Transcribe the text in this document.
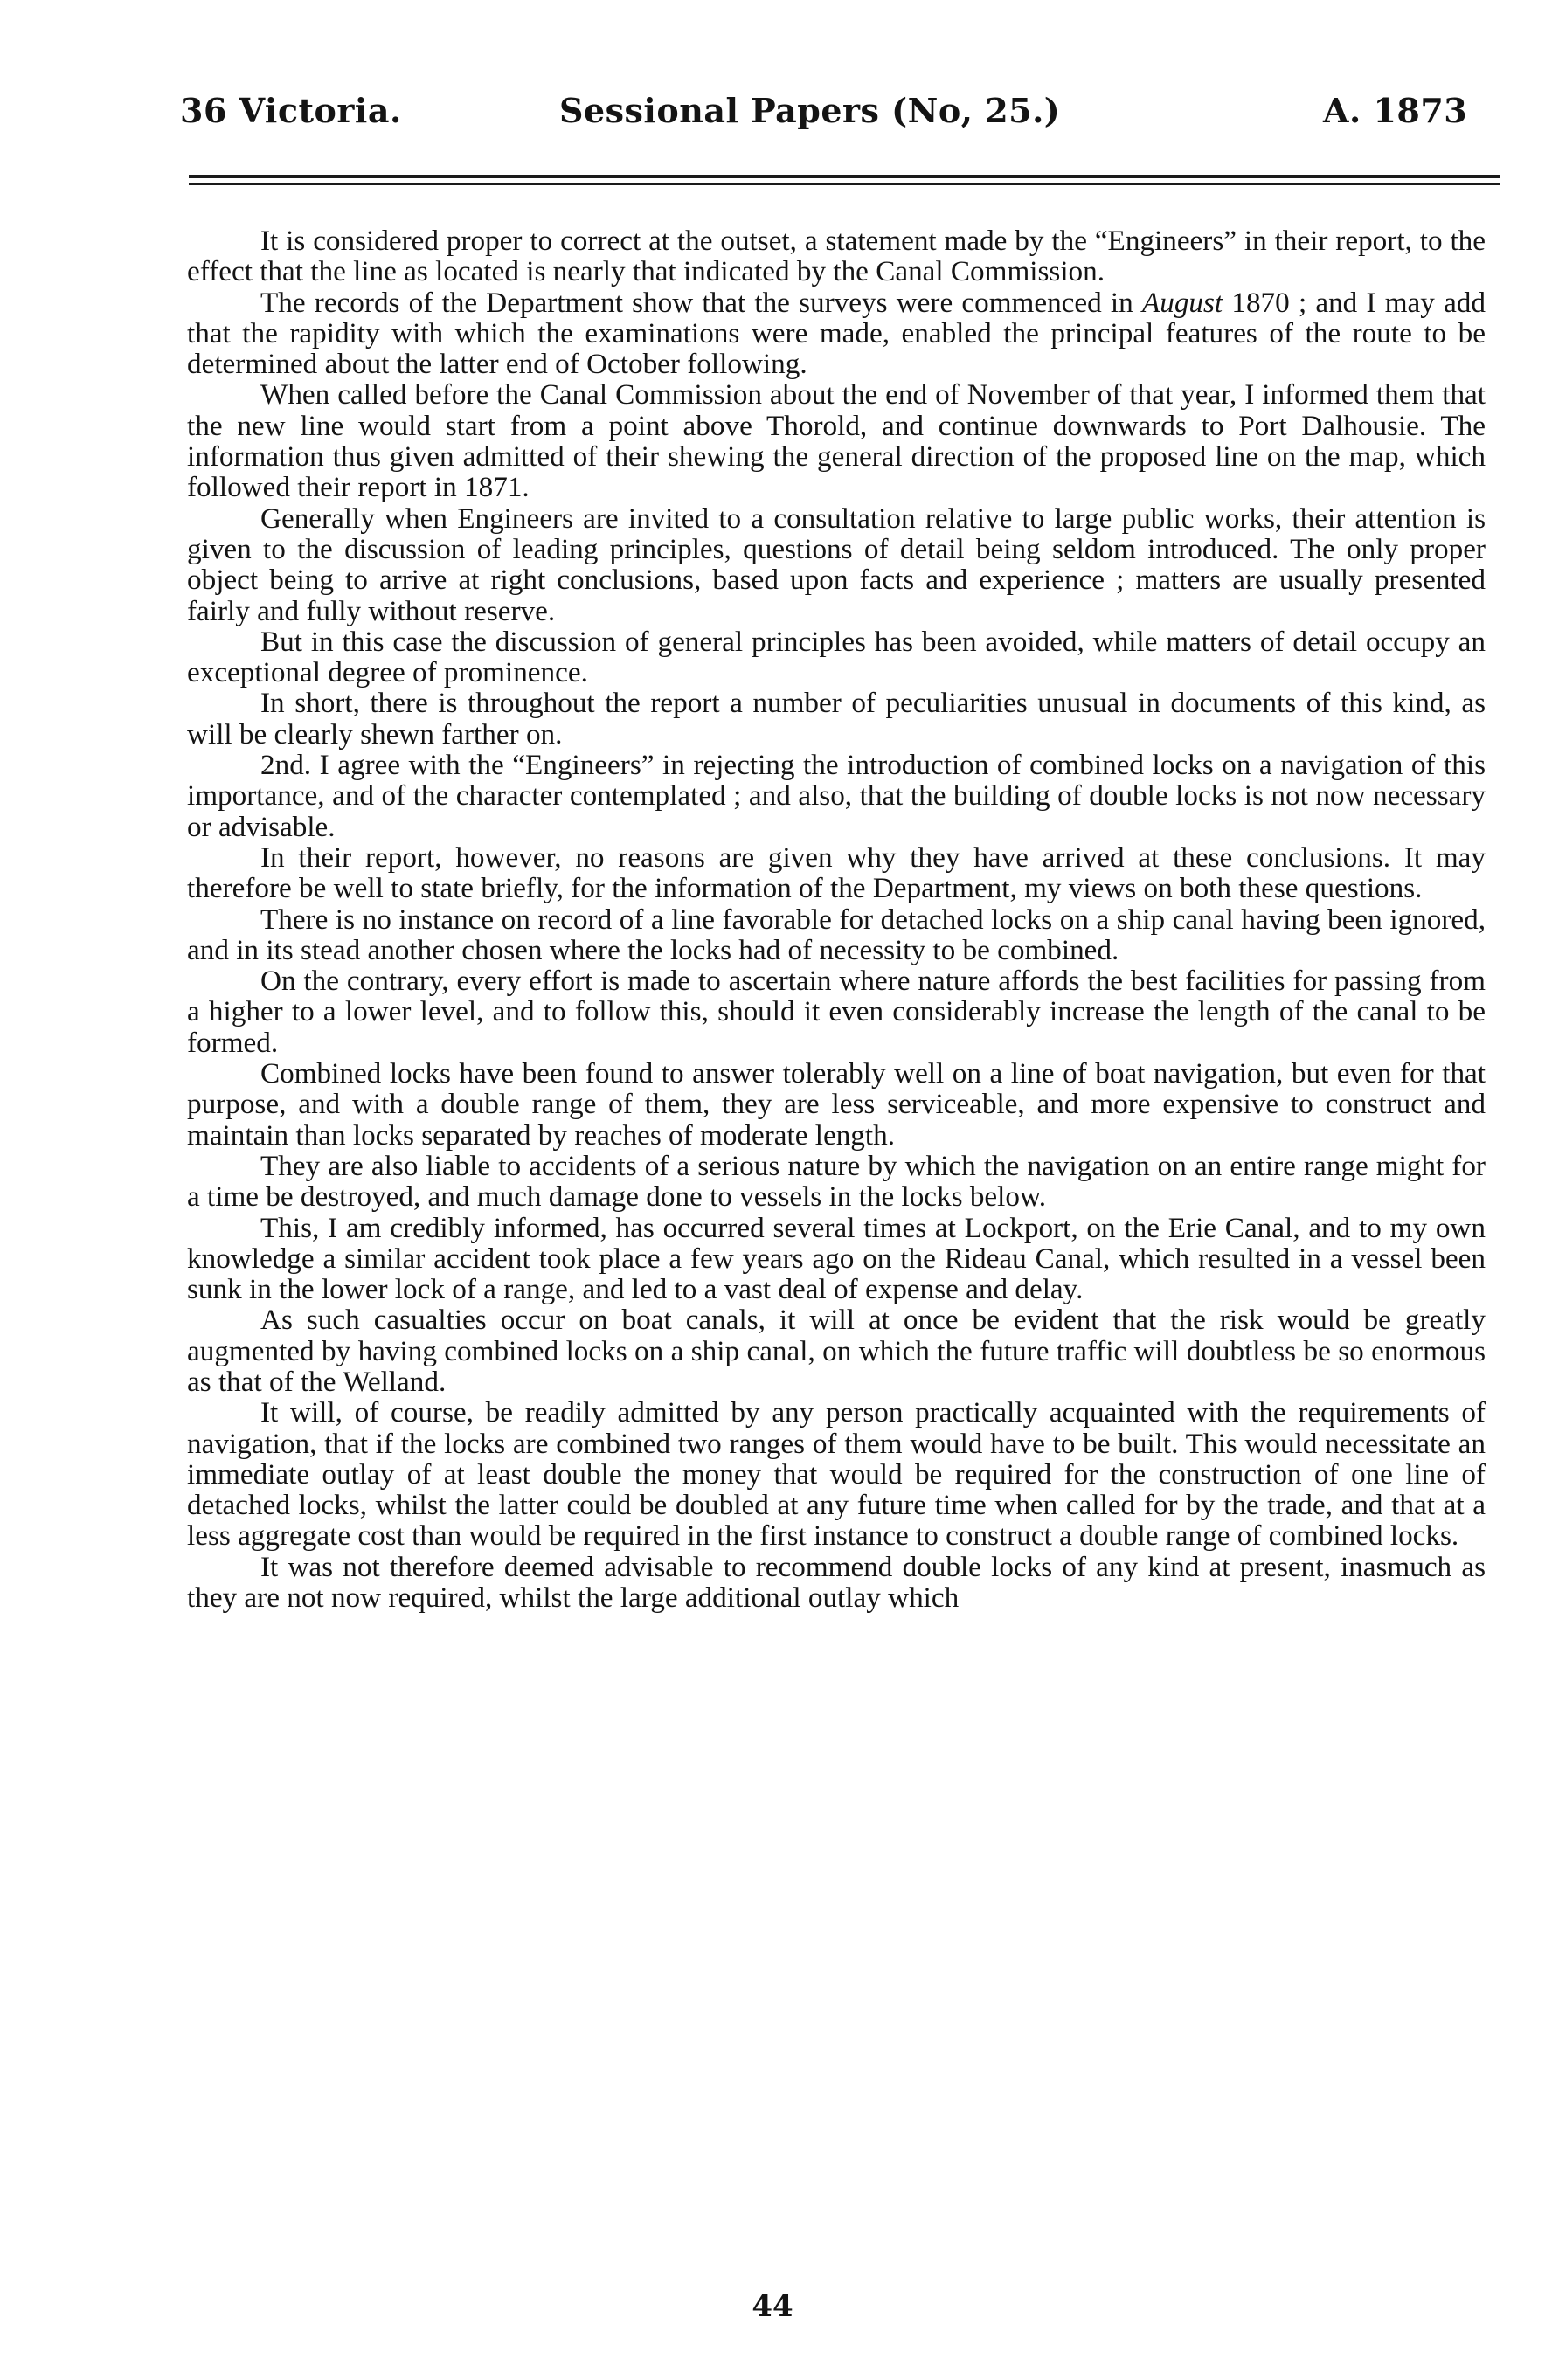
36 Victoria.	Sessional Papers (No, 25.)	A. 1873

It is considered proper to correct at the outset, a statement made by the “Engineers” in their report, to the effect that the line as located is nearly that indicated by the Canal Commission.

The records of the Department show that the surveys were commenced in August 1870 ; and I may add that the rapidity with which the examinations were made, enabled the principal features of the route to be determined about the latter end of October following.

When called before the Canal Commission about the end of November of that year, I informed them that the new line would start from a point above Thorold, and continue downwards to Port Dalhousie. The information thus given admitted of their shewing the general direction of the proposed line on the map, which followed their report in 1871.

Generally when Engineers are invited to a consultation relative to large public works, their attention is given to the discussion of leading principles, questions of detail being seldom introduced. The only proper object being to arrive at right conclusions, based upon facts and experience ; matters are usually presented fairly and fully without reserve.

But in this case the discussion of general principles has been avoided, while matters of detail occupy an exceptional degree of prominence.

In short, there is throughout the report a number of peculiarities unusual in documents of this kind, as will be clearly shewn farther on.

2nd. I agree with the “Engineers” in rejecting the introduction of combined locks on a navigation of this importance, and of the character contemplated ; and also, that the building of double locks is not now necessary or advisable.

In their report, however, no reasons are given why they have arrived at these conclusions. It may therefore be well to state briefly, for the information of the Department, my views on both these questions.

There is no instance on record of a line favorable for detached locks on a ship canal having been ignored, and in its stead another chosen where the locks had of necessity to be combined.

On the contrary, every effort is made to ascertain where nature affords the best facilities for passing from a higher to a lower level, and to follow this, should it even considerably increase the length of the canal to be formed.

Combined locks have been found to answer tolerably well on a line of boat navigation, but even for that purpose, and with a double range of them, they are less serviceable, and more expensive to construct and maintain than locks separated by reaches of moderate length.

They are also liable to accidents of a serious nature by which the navigation on an entire range might for a time be destroyed, and much damage done to vessels in the locks below.

This, I am credibly informed, has occurred several times at Lockport, on the Erie Canal, and to my own knowledge a similar accident took place a few years ago on the Rideau Canal, which resulted in a vessel been sunk in the lower lock of a range, and led to a vast deal of expense and delay.

As such casualties occur on boat canals, it will at once be evident that the risk would be greatly augmented by having combined locks on a ship canal, on which the future traffic will doubtless be so enormous as that of the Welland.

It will, of course, be readily admitted by any person practically acquainted with the requirements of navigation, that if the locks are combined two ranges of them would have to be built. This would necessitate an immediate outlay of at least double the money that would be required for the construction of one line of detached locks, whilst the latter could be doubled at any future time when called for by the trade, and that at a less aggregate cost than would be required in the first instance to construct a double range of combined locks.

It was not therefore deemed advisable to recommend double locks of any kind at present, inasmuch as they are not now required, whilst the large additional outlay which

44
